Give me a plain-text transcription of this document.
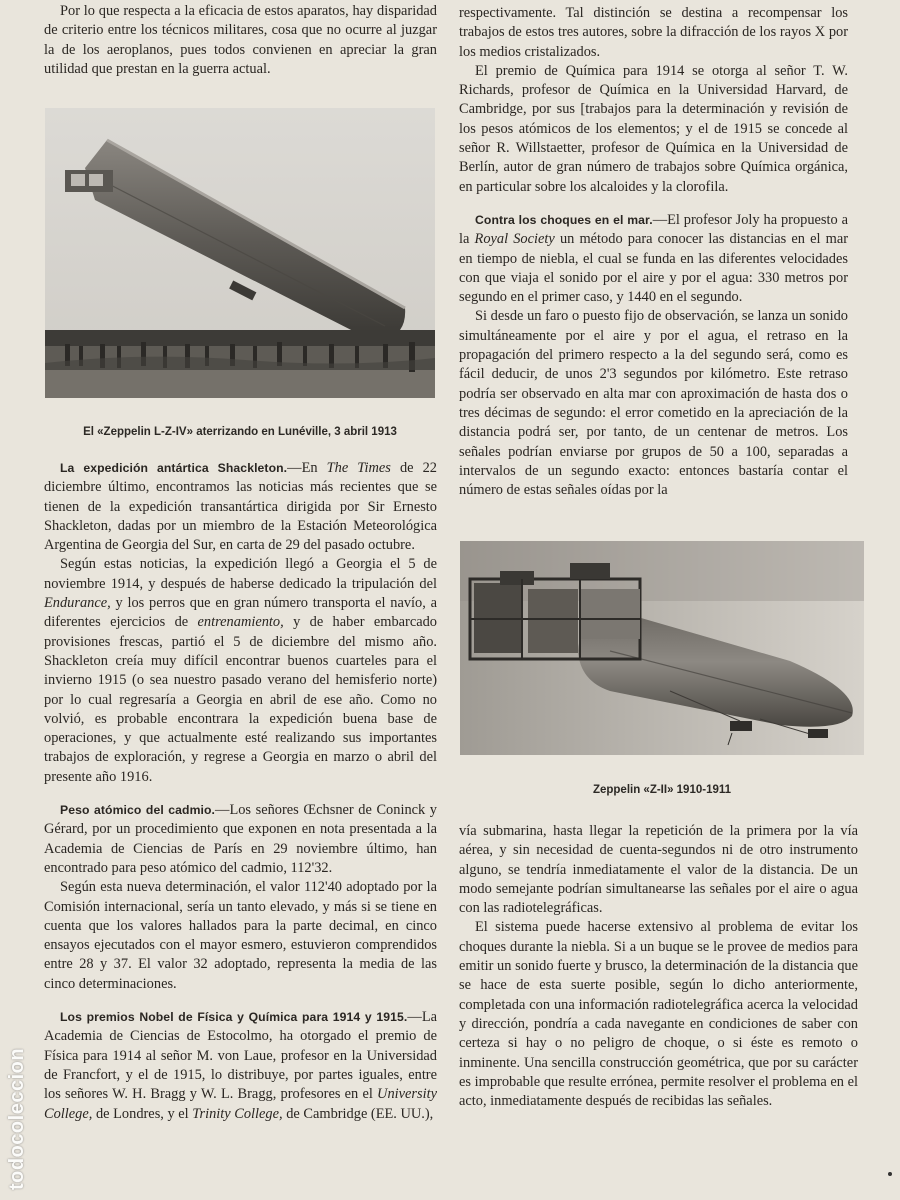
Por lo que respecta a la eficacia de estos aparatos, hay disparidad de criterio entre los técnicos militares, cosa que no ocurre al juzgar la de los aeroplanos, pues todos convienen en apreciar la gran utilidad que prestan en la guerra actual.

El «Zeppelin L-Z-IV» aterrizando en Lunéville, 3 abril 1913

La expedición antártica Shackleton.—En The Times de 22 diciembre último, encontramos las noticias más recientes que se tienen de la expedición transantártica dirigida por Sir Ernesto Shackleton, dadas por un miembro de la Estación Meteorológica Argentina de Georgia del Sur, en carta de 29 del pasado octubre.

Según estas noticias, la expedición llegó a Georgia el 5 de noviembre 1914, y después de haberse dedicado la tripulación del Endurance, y los perros que en gran número transporta el navío, a diferentes ejercicios de entrenamiento, y de haber embarcado provisiones frescas, partió el 5 de diciembre del mismo año. Shackleton creía muy difícil encontrar buenos cuarteles para el invierno 1915 (o sea nuestro pasado verano del hemisferio norte) por lo cual regresaría a Georgia en abril de ese año. Como no volvió, es probable encontrara la expedición buena base de operaciones, y que actualmente esté realizando sus importantes trabajos de exploración, y regrese a Georgia en marzo o abril del presente año 1916.

Peso atómico del cadmio.—Los señores Œchsner de Coninck y Gérard, por un procedimiento que exponen en nota presentada a la Academia de Ciencias de París en 29 noviembre último, han encontrado para peso atómico del cadmio, 112'32.

Según esta nueva determinación, el valor 112'40 adoptado por la Comisión internacional, sería un tanto elevado, y más si se tiene en cuenta que los valores hallados para la parte decimal, en cinco ensayos ejecutados con el mayor esmero, estuvieron comprendidos entre 28 y 37. El valor 32 adoptado, representa la media de las cinco determinaciones.

Los premios Nobel de Física y Química para 1914 y 1915.—La Academia de Ciencias de Estocolmo, ha otorgado el premio de Física para 1914 al señor M. von Laue, profesor en la Universidad de Francfort, y el de 1915, lo distribuye, por partes iguales, entre los señores W. H. Bragg y W. L. Bragg, profesores en el University College, de Londres, y el Trinity College, de Cambridge (EE. UU.),

respectivamente. Tal distinción se destina a recompensar los trabajos de estos tres autores, sobre la difracción de los rayos X por los medios cristalizados.

El premio de Química para 1914 se otorga al señor T. W. Richards, profesor de Química en la Universidad Harvard, de Cambridge, por sus [trabajos para la determinación y revisión de los pesos atómicos de los elementos; y el de 1915 se concede al señor R. Willstaetter, profesor de Química en la Universidad de Berlín, autor de gran número de trabajos sobre Química orgánica, en particular sobre los alcaloides y la clorofila.

Contra los choques en el mar.—El profesor Joly ha propuesto a la Royal Society un método para conocer las distancias en el mar en tiempo de niebla, el cual se funda en las diferentes velocidades con que viaja el sonido por el aire y por el agua: 330 metros por segundo en el primer caso, y 1440 en el segundo.

Si desde un faro o puesto fijo de observación, se lanza un sonido simultáneamente por el aire y por el agua, el retraso en la propagación del primero respecto a la del segundo será, como es fácil deducir, de unos 2'3 segundos por kilómetro. Este retraso podría ser observado en alta mar con aproximación de hasta dos o tres décimas de segundo: el error cometido en la apreciación de la distancia podrá ser, por tanto, de un centenar de metros. Los señales podrían enviarse por grupos de 50 a 100, separadas a intervalos de un segundo exacto: entonces bastaría contar el número de estas señales oídas por la

Zeppelin «Z-II» 1910-1911

vía submarina, hasta llegar la repetición de la primera por la vía aérea, y sin necesidad de cuenta-segundos ni de otro instrumento alguno, se tendría inmediatamente el valor de la distancia. De un modo semejante podrían simultanearse las señales por el aire o agua con las radiotelegráficas.

El sistema puede hacerse extensivo al problema de evitar los choques durante la niebla. Si a un buque se le provee de medios para emitir un sonido fuerte y brusco, la determinación de la distancia que se hace de esta suerte posible, según lo dicho anteriormente, completada con una información radiotelegráfica acerca la velocidad y dirección, pondría a cada navegante en condiciones de saber con certeza si hay o no peligro de choque, o si éste es remoto o inminente. Una sencilla construcción geométrica, que por su carácter es improbable que resulte errónea, permite resolver el problema en el acto, inmediatamente después de recibidas las señales.

todocoleccion
